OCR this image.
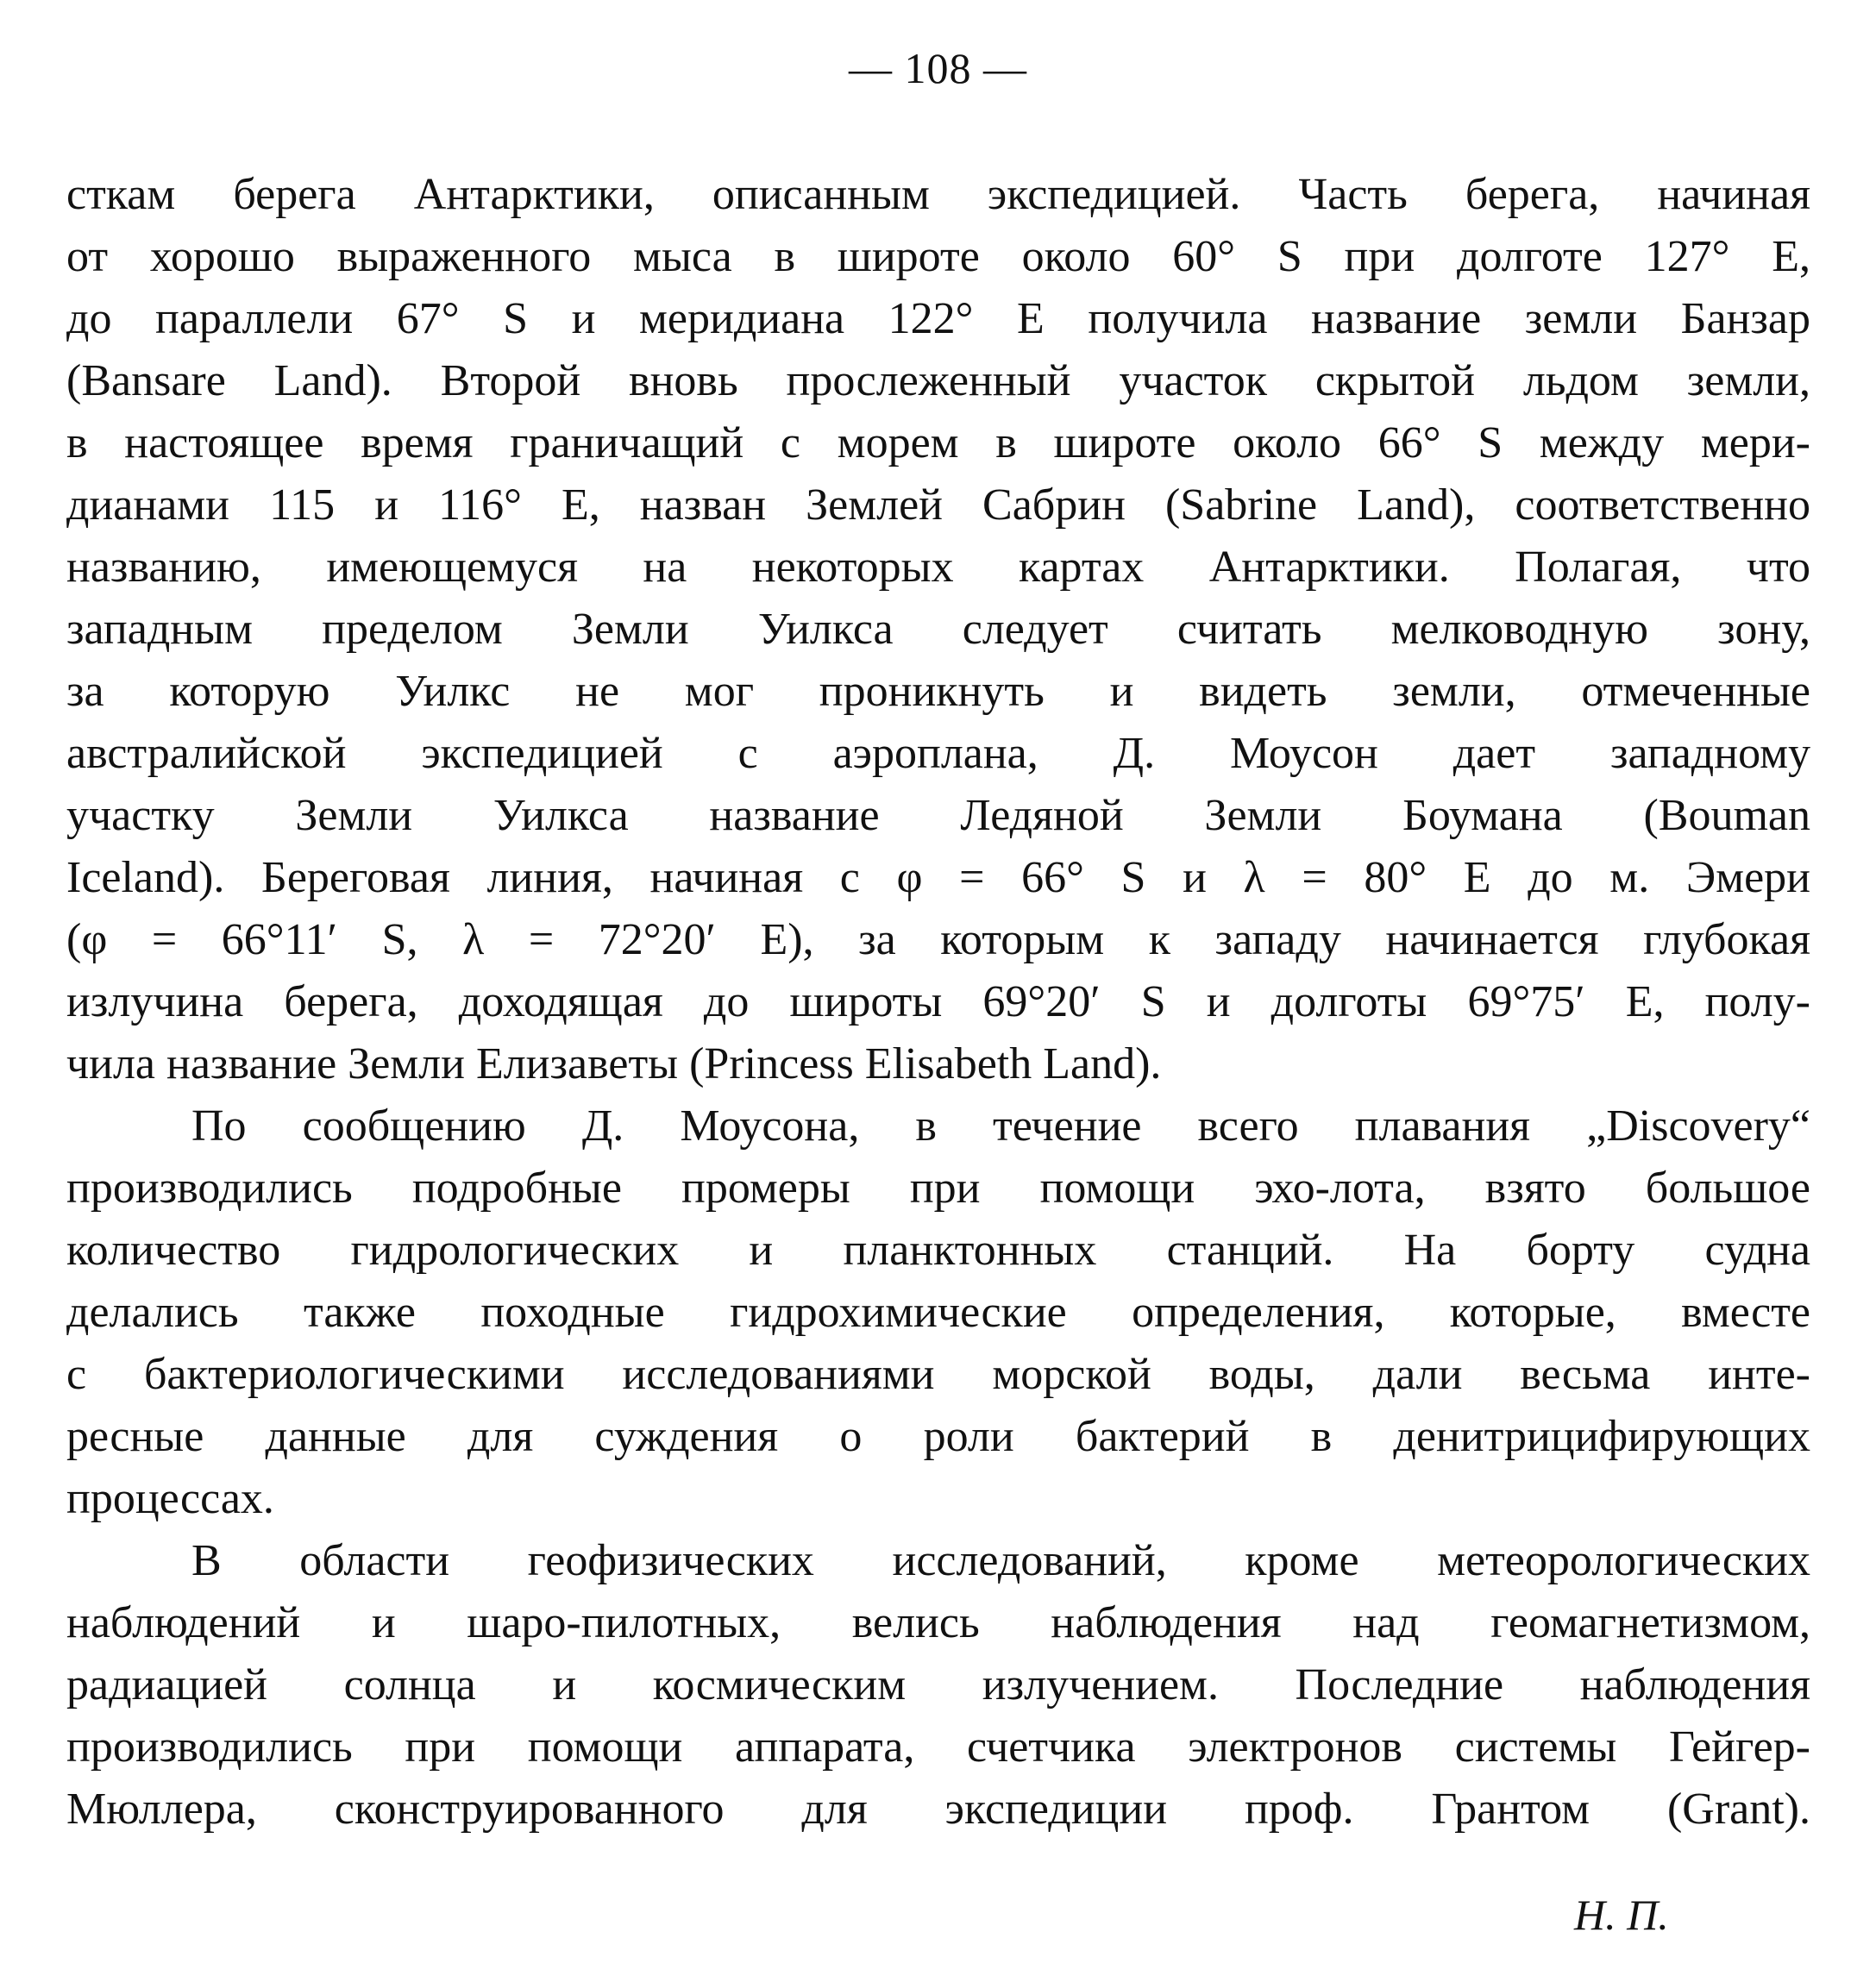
— 108 —
сткам берега Антарктики, описанным экспедицией. Часть берега, начиная
от хорошо выраженного мыса в широте около 60° S при долготе 127° E,
до параллели 67° S и меридиана 122° E получила название земли Банзар
(Bansare Land). Второй вновь прослеженный участок скрытой льдом земли,
в настоящее время граничащий с морем в широте около 66° S между мери-
дианами 115 и 116° E, назван Землей Сабрин (Sabrine Land), соответственно
названию, имеющемуся на некоторых картах Антарктики. Полагая, что
западным пределом Земли Уилкса следует считать мелководную зону,
за которую Уилкс не мог проникнуть и видеть земли, отмеченные
австралийской экспедицией с аэроплана, Д. Моусон дает западному
участку Земли Уилкса название Ледяной Земли Боумана (Bouman
Iceland). Береговая линия, начиная с φ = 66° S и λ = 80° E до м. Эмери
(φ = 66°11′ S, λ = 72°20′ E), за которым к западу начинается глубокая
излучина берега, доходящая до широты 69°20′ S и долготы 69°75′ E, полу-
чила название Земли Елизаветы (Princess Elisabeth Land).
По сообщению Д. Моусона, в течение всего плавания „Discovery“
производились подробные промеры при помощи эхо-лота, взято большое
количество гидрологических и планктонных станций. На борту судна
делались также походные гидрохимические определения, которые, вместе
с бактериологическими исследованиями морской воды, дали весьма инте-
ресные данные для суждения о роли бактерий в денитрицифирующих
процессах.
В области геофизических исследований, кроме метеорологических
наблюдений и шаро-пилотных, велись наблюдения над геомагнетизмом,
радиацией солнца и космическим излучением. Последние наблюдения
производились при помощи аппарата, счетчика электронов системы Гейгер-
Мюллера, сконструированного для экспедиции проф. Грантом (Grant).
Н. П.
